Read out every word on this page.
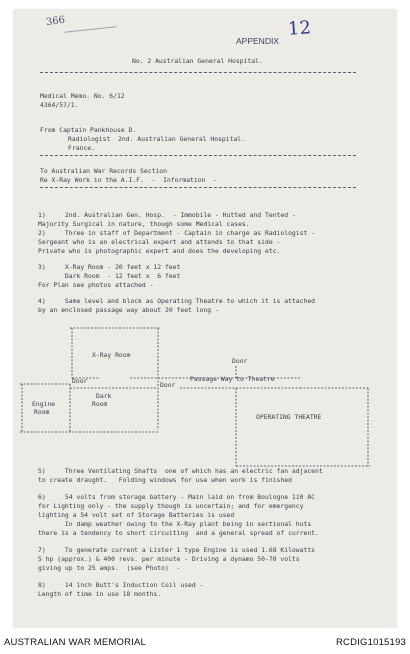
366
APPENDIX
12
No. 2 Australian General Hospital.
Medical Memo. No. 6/12
4364/57/1.
From Captain Pankhouse D.
Radiologist  2nd. Australian General Hospital.
France.
To Australian War Records Section
Re X-Ray Work in the A.I.F.  -  Information  -
1)     2nd. Australian Gen. Hosp.  - Immobile - Hutted and Tented -
Majority Surgical in nature, though some Medical cases.
2)     Three in staff of Department - Captain in charge as Radiologist -
Sergeant who is an electrical expert and attends to that side -
Private who is photographic expert and does the developing etc.
3)     X-Ray Room - 20 feet x 12 feet
Dark Room  - 12 feet x  6 feet
For Plan see photos attached -
4)     Same level and block as Operating Theatre to which it is attached
by an enclosed passage way about 20 feet long -
X-Ray Room
Door	Door
Door
Passage Way to Theatre
Engine
Room
Dark
Room
OPERATING THEATRE
5)     Three Ventilating Shafts  one of which has an electric fan adjacent
to create draught.   Folding windows for use when work is finished
6)     54 volts from storage battery - Main laid on from Boulogne 110 AC
for Lighting only - the supply though is uncertain; and for emergency
lighting a 54 volt set of Storage Batteries is used
In damp weather owing to the X-Ray plant being in sectional huts
there is a tendency to short circuiting  and a general spread of current.
7)     To generate current a Lister 1 type Engine is used 1.68 Kilowatts
5 hp (approx.) & 400 revs. per minute - Driving a dynamo 50-70 volts
giving up to 25 amps.  (see Photo)  -
8)     14 inch Butt's Induction Coil used -
Length of time in use 18 months.
AUSTRALIAN WAR MEMORIAL	RCDIG1015193
